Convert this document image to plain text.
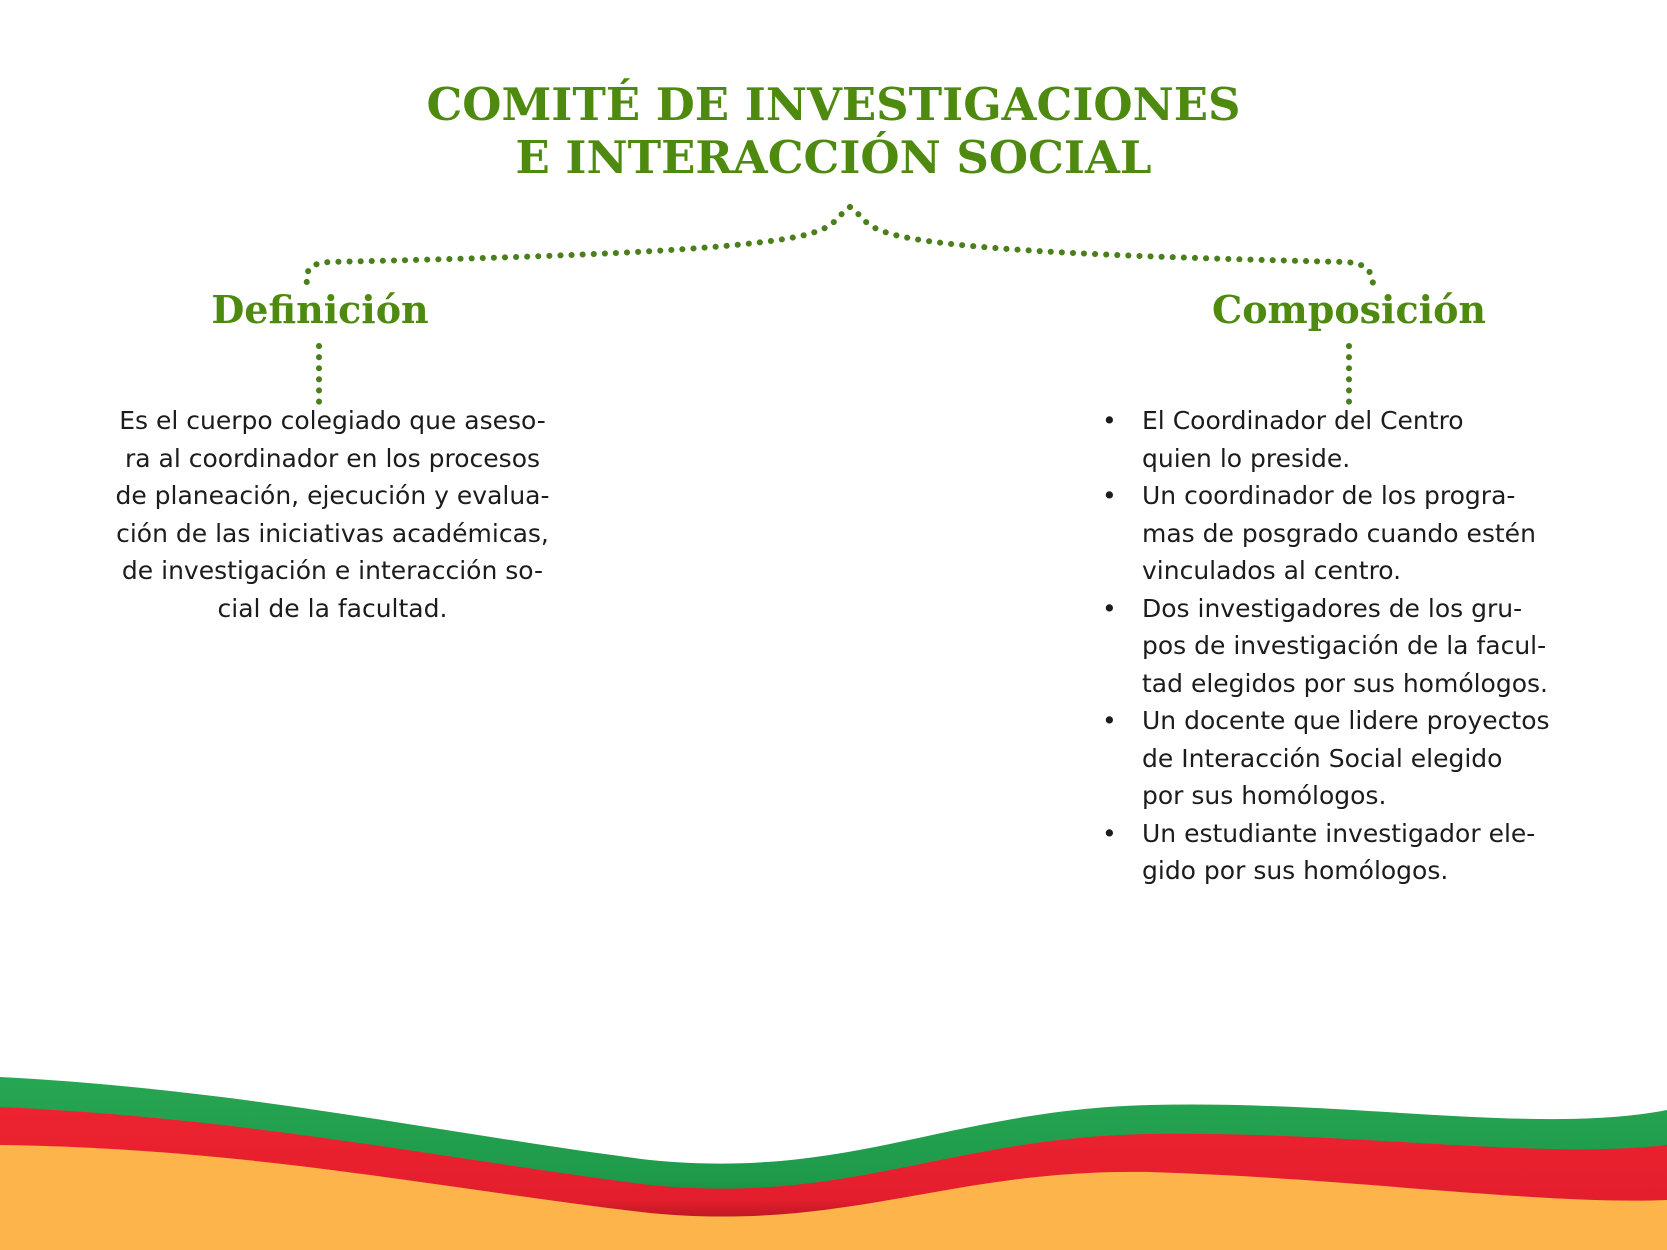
COMITÉ DE INVESTIGACIONES
E INTERACCIÓN SOCIAL
Definición	Composición

Es el cuerpo colegiado que aseso-
ra al coordinador en los procesos
de planeación, ejecución y evalua-
ción de las iniciativas académicas,
de investigación e interacción so-
cial de la facultad.

•	El Coordinador del Centro
quien lo preside.
•	Un coordinador de los progra-
mas de posgrado cuando estén
vinculados al centro.
•	Dos investigadores de los gru-
pos de investigación de la facul-
tad elegidos por sus homólogos.
•	Un docente que lidere proyectos
de Interacción Social elegido
por sus homólogos.
•	Un estudiante investigador ele-
gido por sus homólogos.
